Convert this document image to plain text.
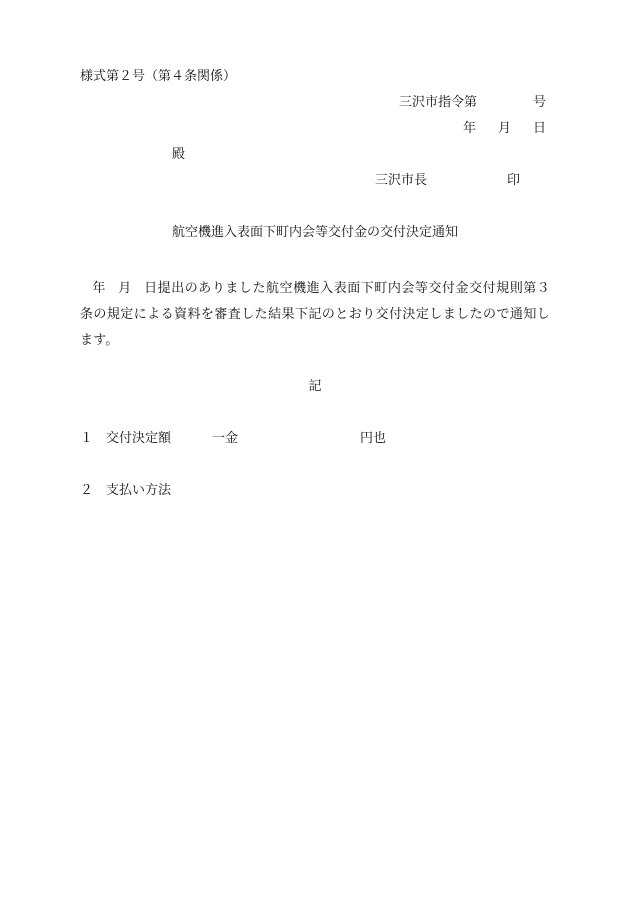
様式第２号（第４条関係）
三沢市指令第	号
年 月 日
殿
三沢市長	印
航空機進入表面下町内会等交付金の交付決定通知
年 月 日提出のありました航空機進入表面下町内会等交付金交付規則第３条の規定による資料を審査した結果下記のとおり交付決定しましたので通知します。
記
１ 交付決定額	一金	円也
２ 支払い方法
